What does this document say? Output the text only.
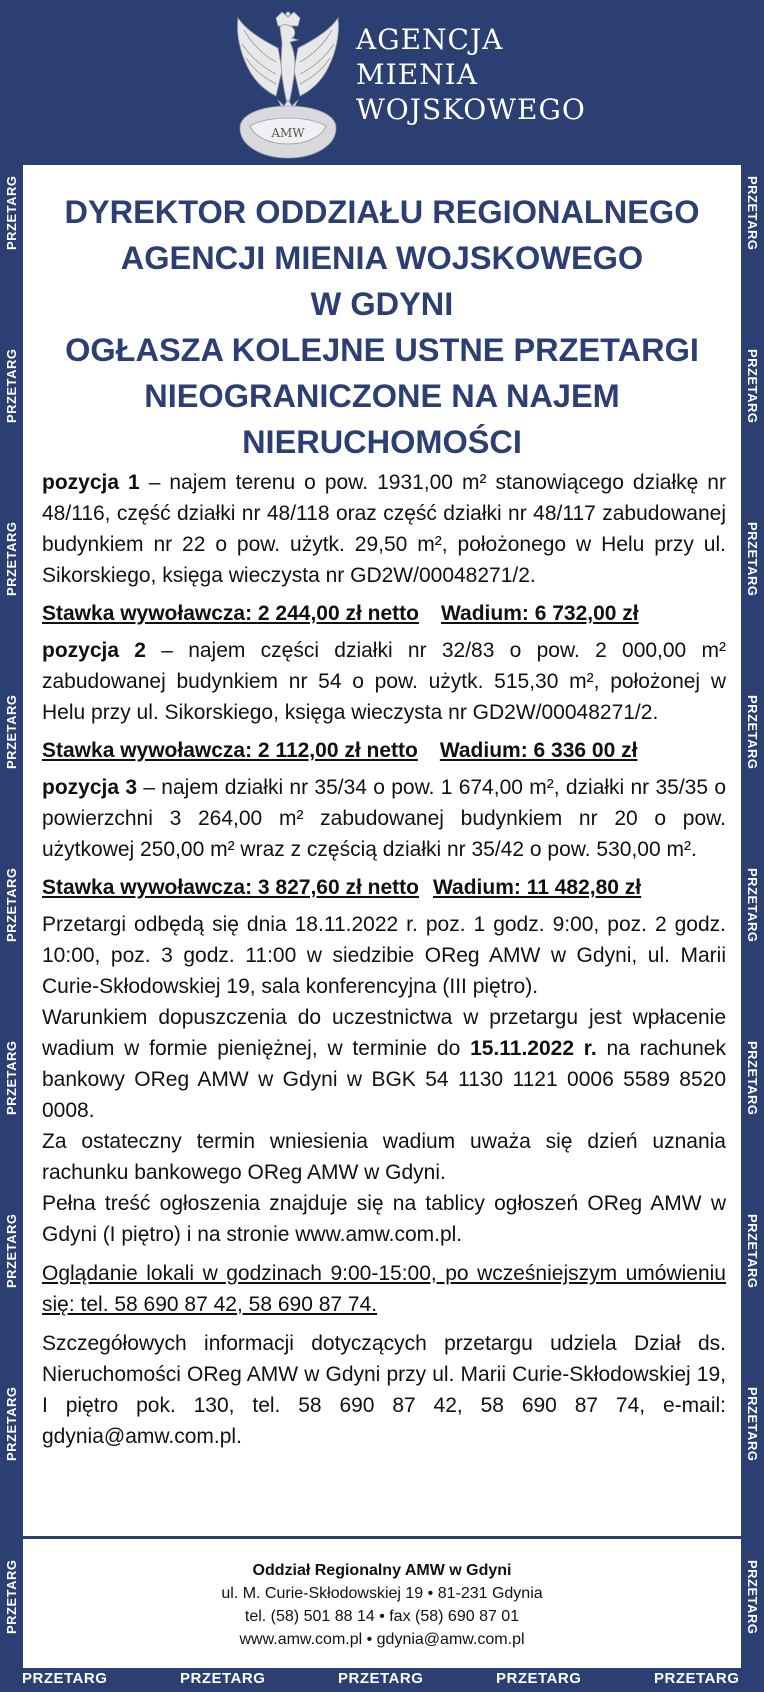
AMW
AGENCJA
MIENIA
WOJSKOWEGO
PRZETARG
PRZETARG
PRZETARG
PRZETARG
PRZETARG
PRZETARG
PRZETARG
PRZETARG
PRZETARG
PRZETARG
PRZETARG
PRZETARG
PRZETARG
PRZETARG
PRZETARG
PRZETARG
PRZETARG
PRZETARG
PRZETARG	PRZETARG	PRZETARG	PRZETARG	PRZETARG
DYREKTOR ODDZIAŁU REGIONALNEGO
AGENCJI MIENIA WOJSKOWEGO
W GDYNI
OGŁASZA KOLEJNE USTNE PRZETARGI
NIEOGRANICZONE NA NAJEM
NIERUCHOMOŚCI

pozycja 1 – najem terenu o pow. 1931,00 m² stanowiącego działkę nr 48/116, część działki nr 48/118 oraz część działki nr 48/117 zabudowanej budynkiem nr 22 o pow. użytk. 29,50 m², położonego w Helu przy ul. Sikorskiego, księga wieczysta nr GD2W/00048271/2.

Stawka wywoławcza: 2 244,00 zł netto Wadium: 6 732,00 zł

pozycja 2 – najem części działki nr 32/83 o pow. 2 000,00 m² zabudowanej budynkiem nr 54 o pow. użytk. 515,30 m², położonej w Helu przy ul. Sikorskiego, księga wieczysta nr GD2W/00048271/2.

Stawka wywoławcza: 2 112,00 zł netto Wadium: 6 336 00 zł

pozycja 3 – najem działki nr 35/34 o pow. 1 674,00 m², działki nr 35/35 o powierzchni 3 264,00 m² zabudowanej budynkiem nr 20 o pow. użytkowej 250,00 m² wraz z częścią działki nr 35/42 o pow. 530,00 m².

Stawka wywoławcza: 3 827,60 zł netto Wadium: 11 482,80 zł

Przetargi odbędą się dnia 18.11.2022 r. poz. 1 godz. 9:00, poz. 2 godz. 10:00, poz. 3 godz. 11:00 w siedzibie OReg AMW w Gdyni, ul. Marii Curie-Skłodowskiej 19, sala konferencyjna (III piętro).

Warunkiem dopuszczenia do uczestnictwa w przetargu jest wpłacenie wadium w formie pieniężnej, w terminie do 15.11.2022 r. na rachunek bankowy OReg AMW w Gdyni w BGK 54 1130 1121 0006 5589 8520 0008.

Za ostateczny termin wniesienia wadium uważa się dzień uznania rachunku bankowego OReg AMW w Gdyni.

Pełna treść ogłoszenia znajduje się na tablicy ogłoszeń OReg AMW w Gdyni (I piętro) i na stronie www.amw.com.pl.

Oglądanie lokali w godzinach 9:00-15:00, po wcześniejszym umówieniu się: tel. 58 690 87 42, 58 690 87 74.

Szczegółowych informacji dotyczących przetargu udziela Dział ds. Nieruchomości OReg AMW w Gdyni przy ul. Marii Curie-Skłodowskiej 19, I piętro pok. 130, tel. 58 690 87 42, 58 690 87 74, e-mail: gdynia@amw.com.pl.

Oddział Regionalny AMW w Gdyni
ul. M. Curie-Skłodowskiej 19 • 81-231 Gdynia
tel. (58) 501 88 14 • fax (58) 690 87 01
www.amw.com.pl • gdynia@amw.com.pl
